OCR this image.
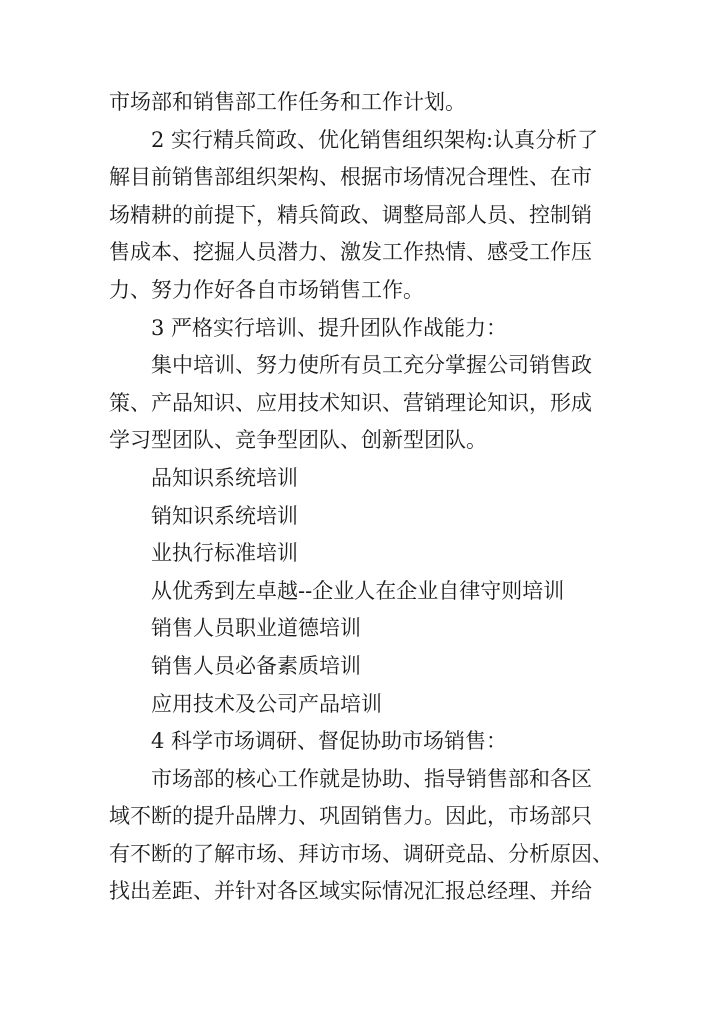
市场部和销售部工作任务和工作计划。
2 实行精兵简政、优化销售组织架构:认真分析了
解目前销售部组织架构、根据市场情况合理性、在市
场精耕的前提下，精兵简政、调整局部人员、控制销
售成本、挖掘人员潜力、激发工作热情、感受工作压
力、努力作好各自市场销售工作。
3 严格实行培训、提升团队作战能力：
集中培训、努力使所有员工充分掌握公司销售政
策、产品知识、应用技术知识、营销理论知识，形成
学习型团队、竞争型团队、创新型团队。
品知识系统培训
销知识系统培训
业执行标准培训
从优秀到左卓越--企业人在企业自律守则培训
销售人员职业道德培训
销售人员必备素质培训
应用技术及公司产品培训
4 科学市场调研、督促协助市场销售：
市场部的核心工作就是协助、指导销售部和各区
域不断的提升品牌力、巩固销售力。因此，市场部只
有不断的了解市场、拜访市场、调研竞品、分析原因、
找出差距、并针对各区域实际情况汇报总经理、并给
